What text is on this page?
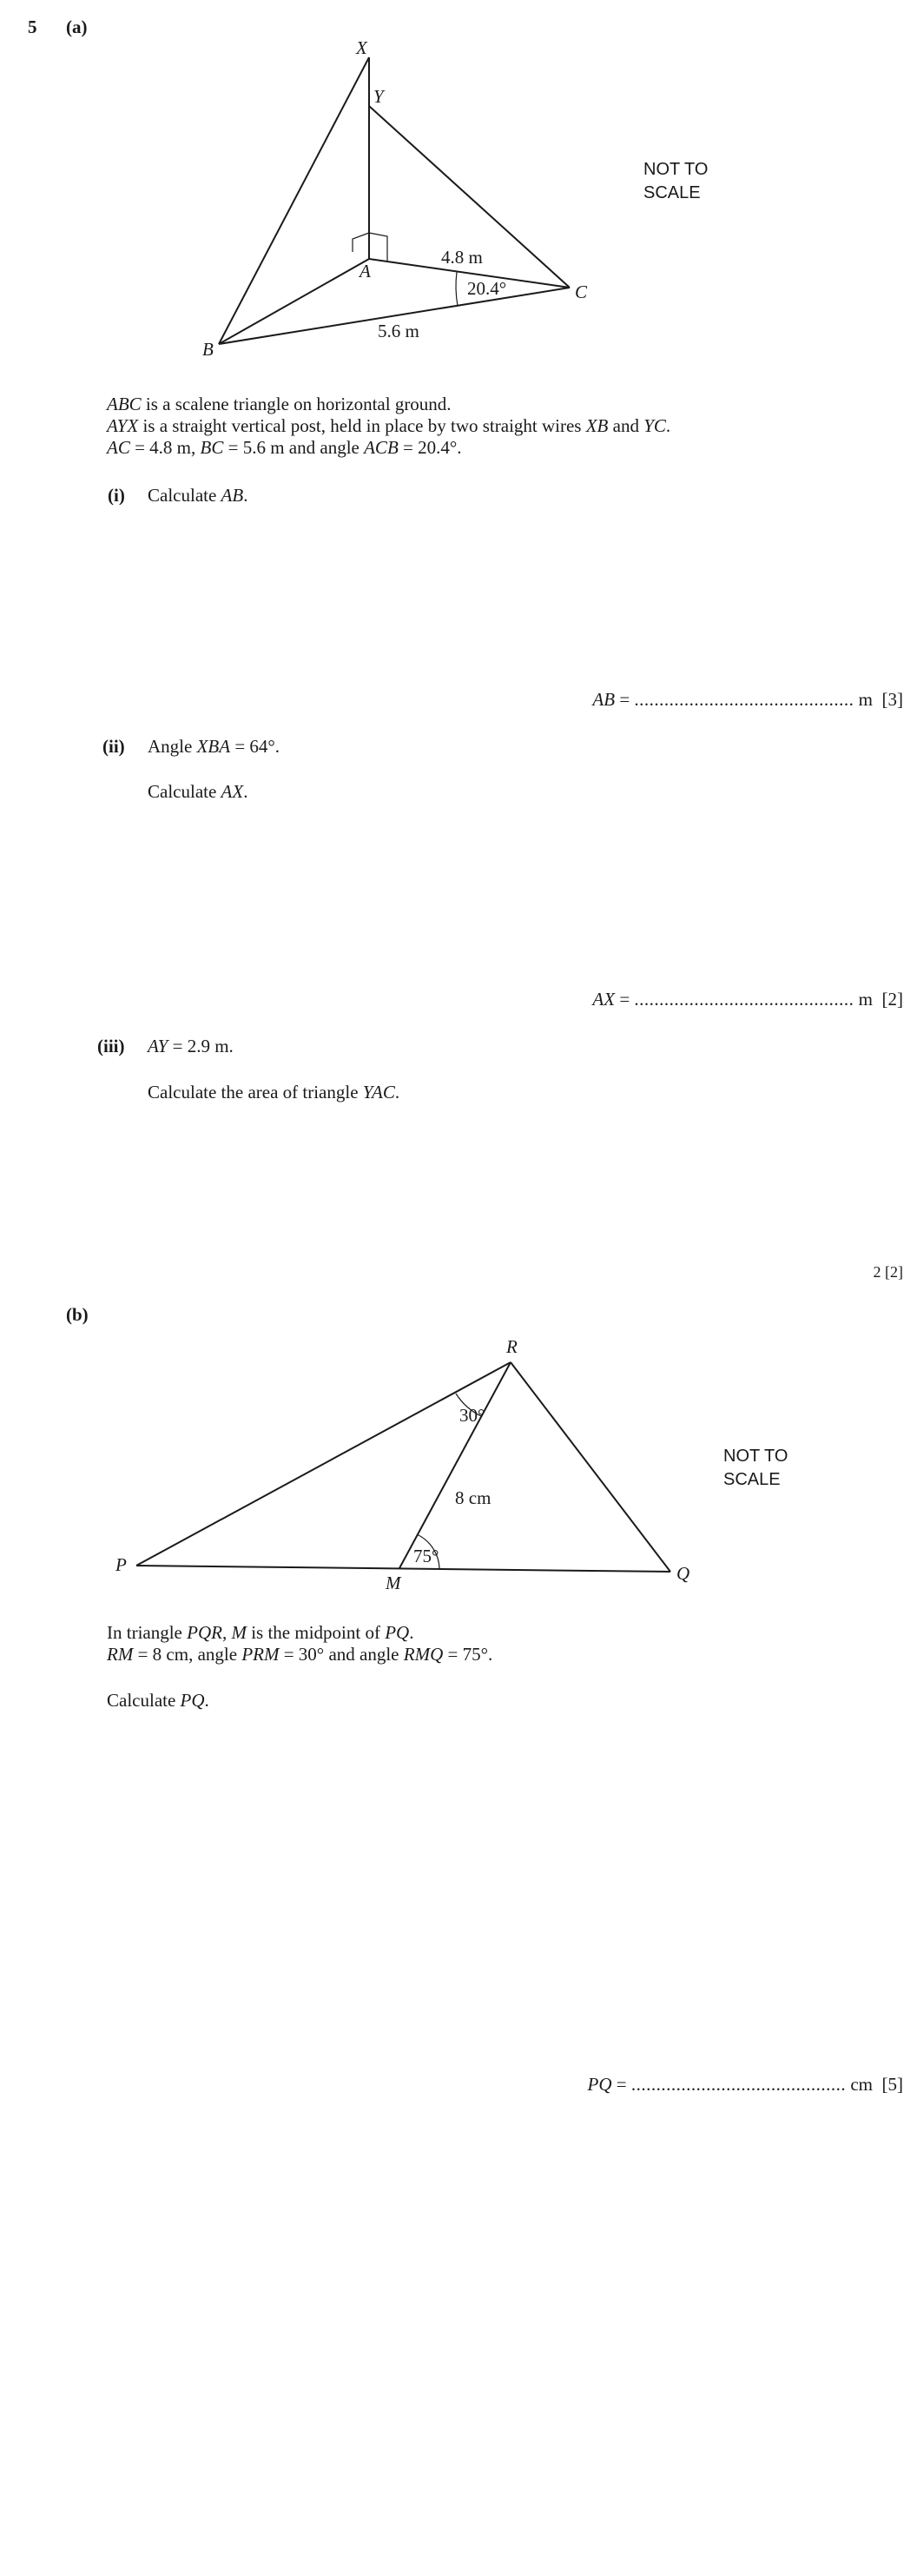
5 (a)
X
Y
A
B
C
4.8 m
20.4°
5.6 m
NOT TO
SCALE
ABC is a scalene triangle on horizontal ground.
AYX is a straight vertical post, held in place by two straight wires XB and YC.
AC = 4.8 m, BC = 5.6 m and angle ACB = 20.4°.
(i) Calculate AB.
AB = ............................................ m [3]
(ii) Angle XBA = 64°.
Calculate AX.
AX = ............................................ m [2]
(iii) AY = 2.9 m.
Calculate the area of triangle YAC.
2 [2]
(b)
R
P
M	Q
30°
8 cm
75°
NOT TO
SCALE
In triangle PQR, M is the midpoint of PQ.
RM = 8 cm, angle PRM = 30° and angle RMQ = 75°.
Calculate PQ.
PQ = ........................................... cm [5]
